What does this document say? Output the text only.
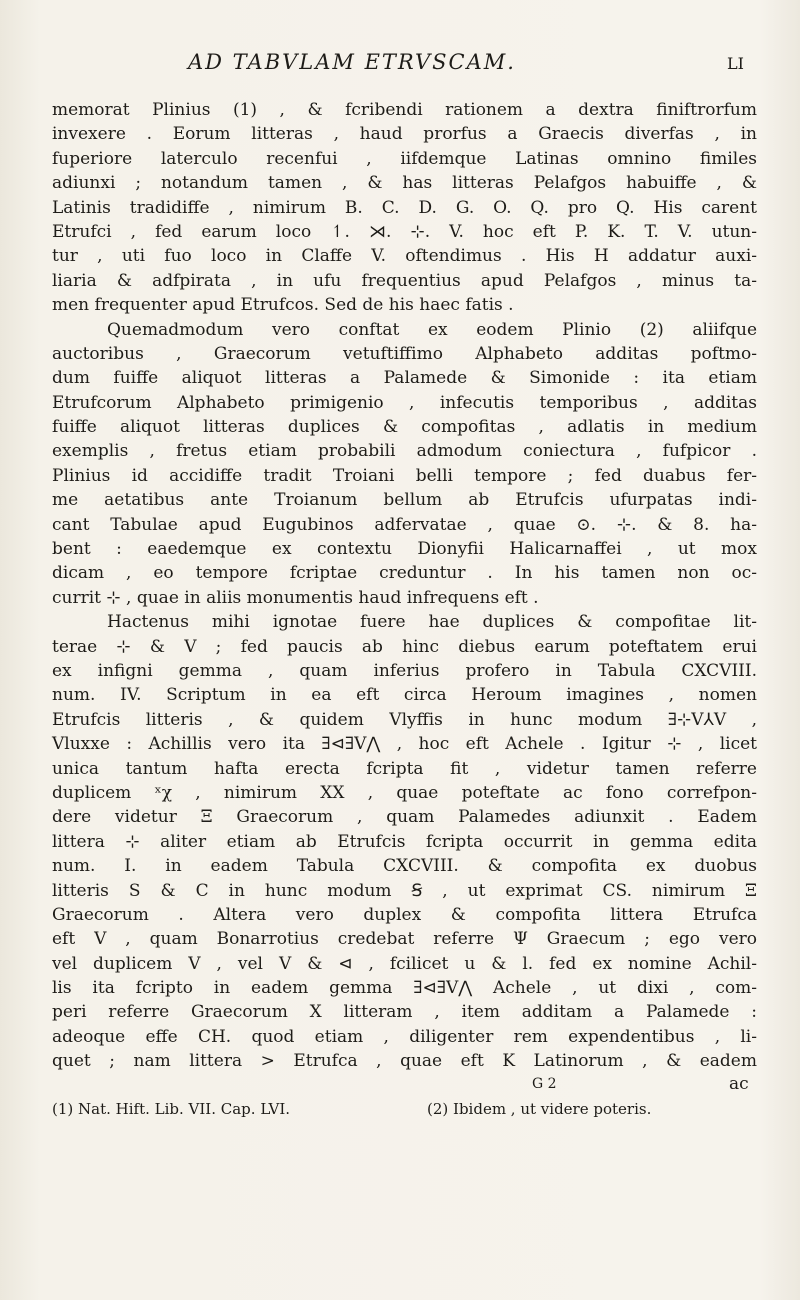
AD TABVLAM ETRVSCAM.	LI
memorat Plinius (1) , & fcribendi rationem a dextra finiftrorfum
invexere . Eorum litteras , haud prorfus a Graecis diverfas , in
fuperiore laterculo recenfui , iifdemque Latinas omnino fimiles
adiunxi ; notandum tamen , & has litteras Pelafgos habuiffe , &
Latinis tradidiffe , nimirum B. C. D. G. O. Q. pro Q. His carent
Etrufci , fed earum loco ↿. ⋊. ⊹. V. hoc eft P. K. T. V. utun-
tur , uti fuo loco in Claffe V. oftendimus . His H addatur auxi-
liaria & adfpirata , in ufu frequentius apud Pelafgos , minus ta-
men frequenter apud Etrufcos. Sed de his haec fatis .
Quemadmodum vero conftat ex eodem Plinio (2) aliifque
auctoribus , Graecorum vetuftiffimo Alphabeto additas poftmo-
dum fuiffe aliquot litteras a Palamede & Simonide : ita etiam
Etrufcorum Alphabeto primigenio , infecutis temporibus , additas
fuiffe aliquot litteras duplices & compofitas , adlatis in medium
exemplis , fretus etiam probabili admodum coniectura , fufpicor .
Plinius id accidiffe tradit Troiani belli tempore ; fed duabus fer-
me aetatibus ante Troianum bellum ab Etrufcis ufurpatas indi-
cant Tabulae apud Eugubinos adfervatae , quae ⊙. ⊹. & 8. ha-
bent : eaedemque ex contextu Dionyfii Halicarnaffei , ut mox
dicam , eo tempore fcriptae creduntur . In his tamen non oc-
currit ⊹ , quae in aliis monumentis haud infrequens eft .
Hactenus mihi ignotae fuere hae duplices & compofitae lit-
terae ⊹ & V ; fed paucis ab hinc diebus earum poteftatem erui
ex infigni gemma , quam inferius profero in Tabula CXCVIII.
num. IV. Scriptum in ea eft circa Heroum imagines , nomen
Etrufcis litteris , & quidem Vlyffis in hunc modum ∃⊹V⅄V ,
Vluxxe : Achillis vero ita ∃⊲∃V⋀ , hoc eft Achele . Igitur ⊹ , licet
unica tantum hafta erecta fcripta fit , videtur tamen referre
duplicem ˣχ , nimirum XX , quae poteftate ac fono correfpon-
dere videtur Ξ Graecorum , quam Palamedes adiunxit . Eadem
littera ⊹ aliter etiam ab Etrufcis fcripta occurrit in gemma edita
num. I. in eadem Tabula CXCVIII. & compofita ex duobus
litteris S & C in hunc modum Ꞩ , ut exprimat CS. nimirum Ξ
Graecorum . Altera vero duplex & compofita littera Etrufca
eft V , quam Bonarrotius credebat referre Ψ Graecum ; ego vero
vel duplicem V , vel V & ⊲ , fcilicet u & l. fed ex nomine Achil-
lis ita fcripto in eadem gemma ∃⊲∃V⋀ Achele , ut dixi , com-
peri referre Graecorum X litteram , item additam a Palamede :
adeoque effe CH. quod etiam , diligenter rem expendentibus , li-
quet ; nam littera > Etrufca , quae eft K Latinorum , & eadem
G 2	ac
(1) Nat. Hift. Lib. VII. Cap. LVI.	(2) Ibidem , ut videre poteris.
